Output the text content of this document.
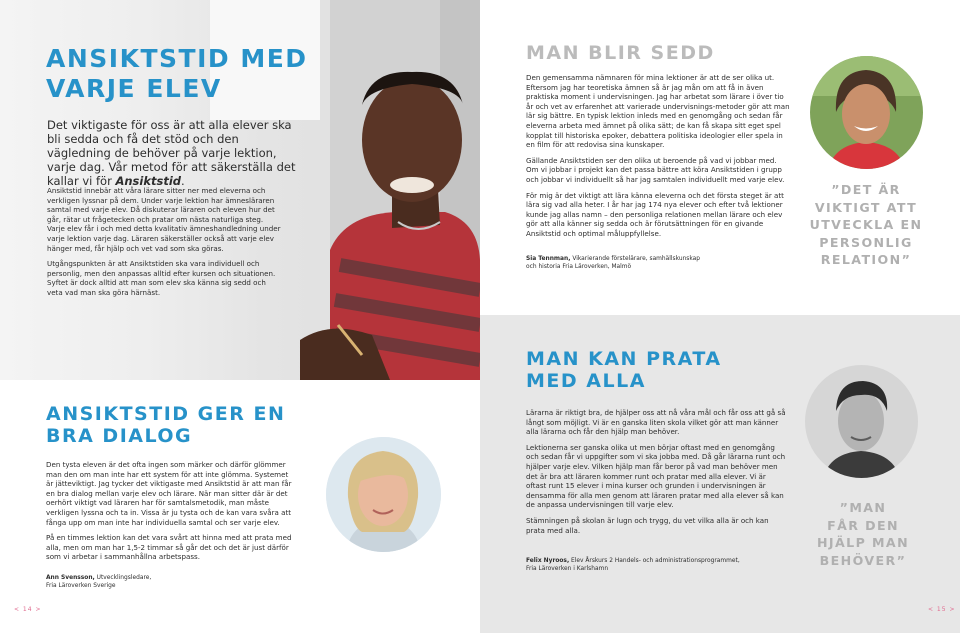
ANSIKTSTID MED
VARJE ELEV
Det viktigaste för oss är att alla elever ska bli sedda och få det stöd och den vägledning de behöver på varje lektion, varje dag. Vår metod för att säkerställa det kallar vi för Ansiktstid.

Ansiktstid innebär att våra lärare sitter ner med eleverna och verkligen lyssnar på dem. Under varje lektion har ämnesläraren samtal med varje elev. Då diskuterar läraren och eleven hur det går, rätar ut frågetecken och pratar om nästa naturliga steg. Varje elev får i och med detta kvalitativ ämneshandledning under varje lektion varje dag. Läraren säkerställer också att varje elev hänger med, får hjälp och vet vad som ska göras.

Utgångspunkten är att Ansiktstiden ska vara individuell och personlig, men den anpassas alltid efter kursen och situationen. Syftet är dock alltid att man som elev ska känna sig sedd och veta vad man ska göra härnäst.

ANSIKTSTID GER EN
BRA DIALOG

Den tysta eleven är det ofta ingen som märker och därför glömmer man den om man inte har ett system för att inte glömma. Systemet är jätteviktigt. Jag tycker det viktigaste med Ansiktstid är att man får en bra dialog mellan varje elev och lärare. När man sitter där är det oerhört viktigt vad läraren har för samtalsmetodik, man måste verkligen lyssna och ta in. Vissa är ju tysta och de kan vara svåra att fånga upp om man inte har individuella samtal och ser varje elev.

På en timmes lektion kan det vara svårt att hinna med att prata med alla, men om man har 1,5-2 timmar så går det och det är just därför som vi arbetar i sammanhållna arbetspass.

Ann Svensson, Utvecklingsledare,
Fria Läroverken Sverige
< 14 >
MAN BLIR SEDD

Den gemensamma nämnaren för mina lektioner är att de ser olika ut. Eftersom jag har teoretiska ämnen så är jag mån om att få in även praktiska moment i undervisningen. Jag har arbetat som lärare i över tio år och vet av erfarenhet att varierade undervisnings-metoder gör att man lär sig bättre. En typisk lektion inleds med en genomgång och sedan får eleverna arbeta med ämnet på olika sätt; de kan få skapa sitt eget spel kopplat till historiska epoker, debattera politiska ideologier eller spela in en film för att redovisa sina kunskaper.

Gällande Ansiktstiden ser den olika ut beroende på vad vi jobbar med. Om vi jobbar i projekt kan det passa bättre att köra Ansiktstiden i grupp och jobbar vi individuellt så har jag samtalen individuellt med varje elev.

För mig är det viktigt att lära känna eleverna och det första steget är att lära sig vad alla heter. I år har jag 174 nya elever och efter två lektioner kunde jag allas namn – den personliga relationen mellan lärare och elev gör att alla känner sig sedda och är förutsättningen för en givande Ansiktstid och optimal måluppfyllelse.

Sia Tennman, Vikarierande förstelärare, samhällskunskap
och historia Fria Läroverken, Malmö
”DET ÄR
VIKTIGT ATT
UTVECKLA EN
PERSONLIG
RELATION”
MAN KAN PRATA
MED ALLA

Lärarna är riktigt bra, de hjälper oss att nå våra mål och får oss att gå så långt som möjligt. Vi är en ganska liten skola vilket gör att man känner alla lärarna och får den hjälp man behöver.

Lektionerna ser ganska olika ut men börjar oftast med en genomgång och sedan får vi uppgifter som vi ska jobba med. Då går lärarna runt och hjälper varje elev. Vilken hjälp man får beror på vad man behöver men det är bra att läraren kommer runt och pratar med alla elever. Vi är oftast runt 15 elever i mina kurser och grunden i undervisningen är densamma för alla men genom att läraren pratar med alla elever så kan de anpassa undervisningen till varje elev.

Stämningen på skolan är lugn och trygg, du vet vilka alla är och kan prata med alla.

Felix Nyroos, Elev Årskurs 2 Handels- och administrationsprogrammet,
Fria Läroverken i Karlshamn
”MAN
FÅR DEN
HJÄLP MAN
BEHÖVER”
< 15 >
